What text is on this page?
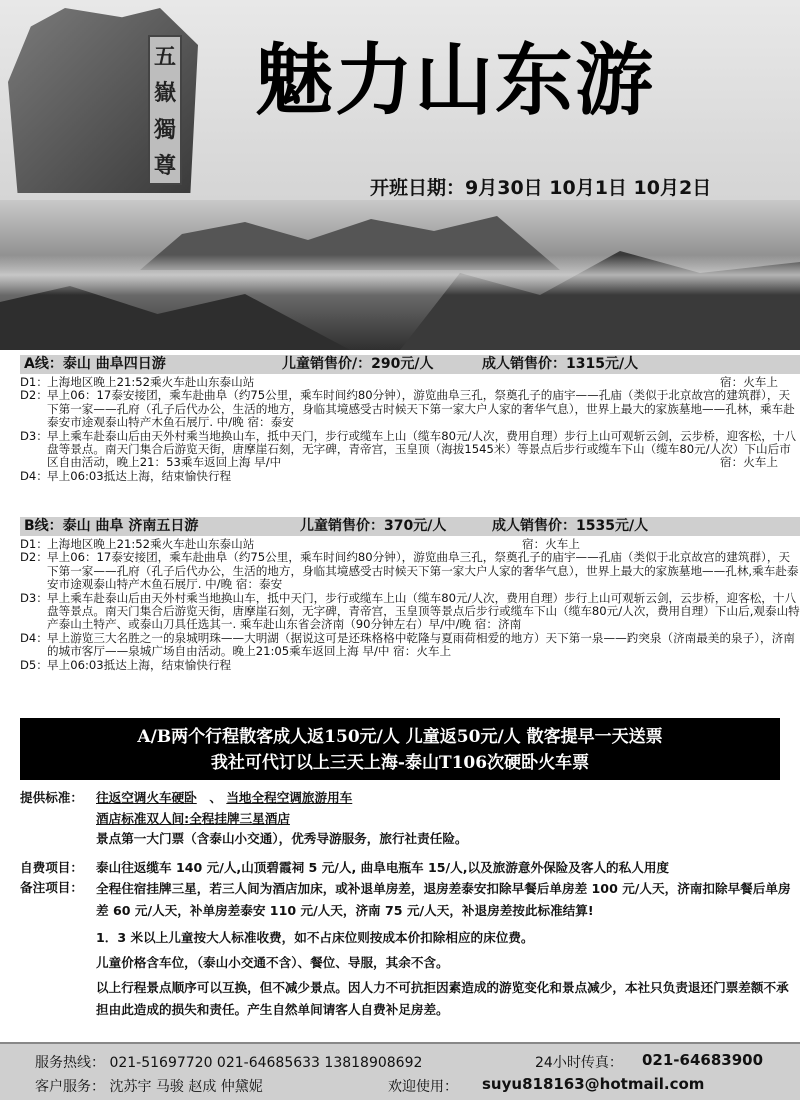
五
嶽
獨
尊
魅力山东游
开班日期：9月30日 10月1日 10月2日
A线：泰山 曲阜四日游	儿童销售价/：290元/人	成人销售价：1315元/人
D1： 上海地区晚上21:52乘火车赴山东泰山站	宿：火车上
D2： 早上06：17泰安接团，乘车赴曲阜（约75公里，乘车时间约80分钟），游览曲阜三孔，祭奠孔子的庙宇——孔庙（类似于北京故宫的建筑群），天下第一家——孔府（孔子后代办公，生活的地方，身临其境感受古时候天下第一家大户人家的奢华气息），世界上最大的家族墓地——孔林，乘车赴泰安市途观泰山特产木鱼石展厅. 中/晚 宿：泰安
D3： 早上乘车赴泰山后由天外村乘当地换山车，抵中天门，步行或缆车上山（缆车80元/人次，费用自理）步行上山可观斩云剑，云步桥，迎客松，十八盘等景点。南天门集合后游览天街，唐摩崖石刻，无字碑，青帝宫，玉皇顶（海拔1545米）等景点后步行或缆车下山（缆车80元/人次）下山后市区自由活动，晚上21：53乘车返回上海 早/中	宿：火车上
D4： 早上06:03抵达上海，结束愉快行程
B线：泰山 曲阜 济南五日游	儿童销售价：370元/人	成人销售价：1535元/人
D1： 上海地区晚上21:52乘火车赴山东泰山站	宿：火车上
D2： 早上06：17泰安接团，乘车赴曲阜（约75公里，乘车时间约80分钟），游览曲阜三孔，祭奠孔子的庙宇——孔庙（类似于北京故宫的建筑群），天下第一家——孔府（孔子后代办公，生活的地方，身临其境感受古时候天下第一家大户人家的奢华气息），世界上最大的家族墓地——孔林,乘车赴泰安市途观泰山特产木鱼石展厅. 中/晚 宿：泰安
D3： 早上乘车赴泰山后由天外村乘当地换山车，抵中天门，步行或缆车上山（缆车80元/人次，费用自理）步行上山可观斩云剑，云步桥，迎客松，十八盘等景点。南天门集合后游览天街，唐摩崖石刻，无字碑，青帝宫，玉皇顶等景点后步行或缆车下山（缆车80元/人次，费用自理）下山后,观泰山特产泰山土特产、或泰山刀具任选其一. 乘车赴山东省会济南（90分钟左右）早/中/晚 宿：济南
D4： 早上游览三大名胜之一的泉城明珠——大明湖（据说这可是还珠格格中乾隆与夏雨荷相爱的地方）天下第一泉——趵突泉（济南最美的泉子），济南的城市客厅——泉城广场自由活动。晚上21:05乘车返回上海 早/中 宿：火车上
D5： 早上06:03抵达上海，结束愉快行程
A/B两个行程散客成人返150元/人 儿童返50元/人 散客提早一天送票
我社可代订以上三天上海-泰山T106次硬卧火车票
提供标准：	往返空调火车硬卧　、 当地全程空调旅游用车
酒店标准双人间:全程挂牌三星酒店
景点第一大门票（含泰山小交通），优秀导游服务，旅行社责任险。
自费项目：	泰山往返缆车 140 元/人,山顶碧霞祠 5 元/人, 曲阜电瓶车 15/人,以及旅游意外保险及客人的私人用度
备注项目：	全程住宿挂牌三星，若三人间为酒店加床，或补退单房差，退房差泰安扣除早餐后单房差 100 元/人天，济南扣除早餐后单房差 60 元/人天，补单房差泰安 110 元/人天，济南 75 元/人天，补退房差按此标准结算!
1．3 米以上儿童按大人标准收费，如不占床位则按成本价扣除相应的床位费。
儿童价格含车位，（泰山小交通不含）、餐位、导服，其余不含。
以上行程景点顺序可以互换，但不减少景点。因人力不可抗拒因素造成的游览变化和景点减少，本社只负责退还门票差额不承担由此造成的损失和责任。产生自然单间请客人自费补足房差。
服务热线： 021-51697720 021-64685633 13818908692	24小时传真： 021-64683900
客户服务： 沈苏宇 马骏 赵成 仲黛妮	欢迎使用： suyu818163@hotmail.com
